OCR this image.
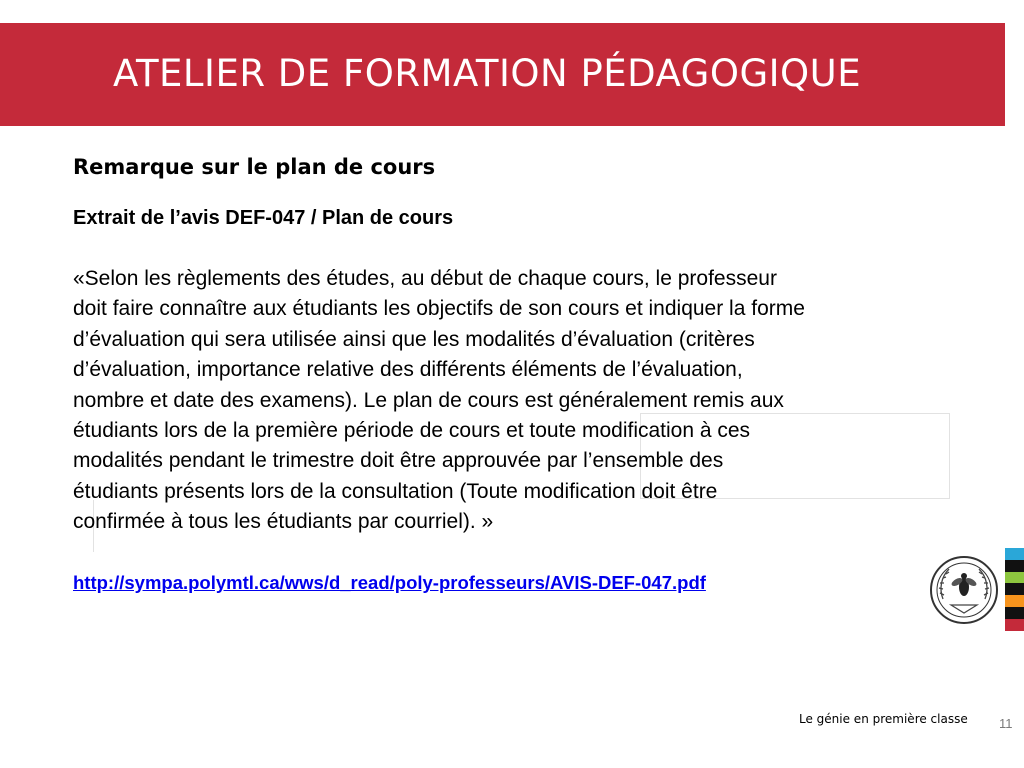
ATELIER DE FORMATION PÉDAGOGIQUE
Remarque sur le plan de cours
Extrait de l’avis DEF-047 / Plan de cours
«Selon les règlements des études, au début de chaque cours, le professeur
doit faire connaître aux étudiants les objectifs de son cours et indiquer la forme
d’évaluation qui sera utilisée ainsi que les modalités d’évaluation (critères
d’évaluation, importance relative des différents éléments de l’évaluation,
nombre et date des examens). Le plan de cours est généralement remis aux
étudiants lors de la première période de cours et toute modification à ces
modalités pendant le trimestre doit être approuvée par l’ensemble des
étudiants présents lors de la consultation (Toute modification doit être
confirmée à tous les étudiants par courriel). »
http://sympa.polymtl.ca/wws/d_read/poly-professeurs/AVIS-DEF-047.pdf
Le génie en première classe 11
